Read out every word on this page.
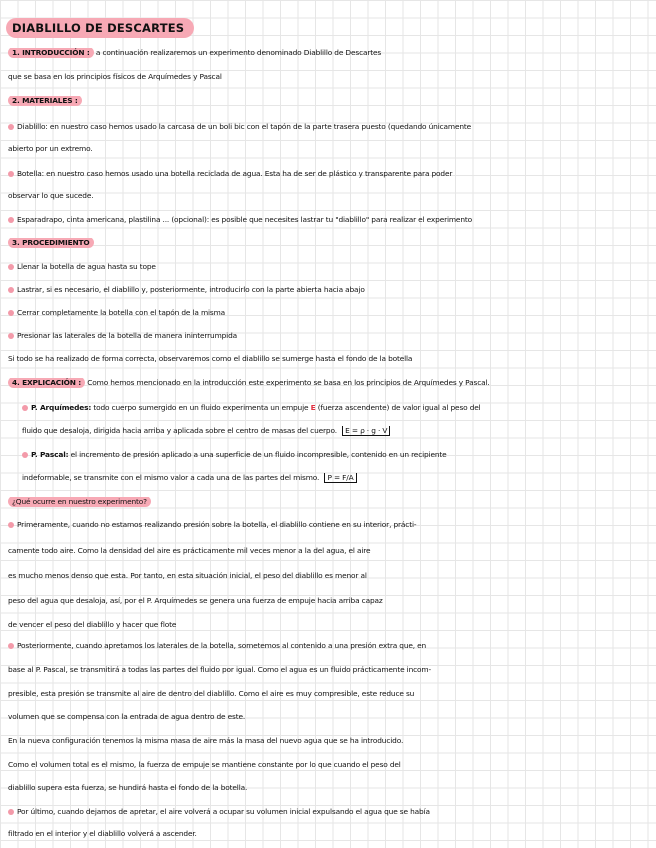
DIABLILLO DE DESCARTES
1. INTRODUCCIÓN : a continuación realizaremos un experimento denominado Diablillo de Descartes
que se basa en los principios físicos de Arquímedes y Pascal
2. MATERIALES :
Diablillo: en nuestro caso hemos usado la carcasa de un boli bic con el tapón de la parte trasera puesto (quedando únicamente
abierto por un extremo.
Botella: en nuestro caso hemos usado una botella reciclada de agua. Esta ha de ser de plástico y transparente para poder
observar lo que sucede.
Esparadrapo, cinta americana, plastilina ... (opcional): es posible que necesites lastrar tu "diablillo" para realizar el experimento
3. PROCEDIMIENTO
Llenar la botella de agua hasta su tope
Lastrar, si es necesario, el diablillo y, posteriormente, introducirlo con la parte abierta hacia abajo
Cerrar completamente la botella con el tapón de la misma
Presionar las laterales de la botella de manera ininterrumpida
Si todo se ha realizado de forma correcta, observaremos como el diablillo se sumerge hasta el fondo de la botella
4. EXPLICACIÓN : Como hemos mencionado en la introducción este experimento se basa en los principios de Arquímedes y Pascal.
P. Arquímedes: todo cuerpo sumergido en un fluido experimenta un empuje E (fuerza ascendente) de valor igual al peso del
fluido que desaloja, dirigida hacia arriba y aplicada sobre el centro de masas del cuerpo. E = ρ · g · V
P. Pascal: el incremento de presión aplicado a una superficie de un fluido incompresible, contenido en un recipiente
indeformable, se transmite con el mismo valor a cada una de las partes del mismo. P = F/A
¿Qué ocurre en nuestro experimento?
Primeramente, cuando no estamos realizando presión sobre la botella, el diablillo contiene en su interior, prácti-
camente todo aire. Como la densidad del aire es prácticamente mil veces menor a la del agua, el aire
es mucho menos denso que esta. Por tanto, en esta situación inicial, el peso del diablillo es menor al
peso del agua que desaloja, así, por el P. Arquímedes se genera una fuerza de empuje hacia arriba capaz
de vencer el peso del diablillo y hacer que flote
Posteriormente, cuando apretamos los laterales de la botella, sometemos al contenido a una presión extra que, en
base al P. Pascal, se transmitirá a todas las partes del fluido por igual. Como el agua es un fluido prácticamente incom-
presible, esta presión se transmite al aire de dentro del diablillo. Como el aire es muy compresible, este reduce su
volumen que se compensa con la entrada de agua dentro de este.
En la nueva configuración tenemos la misma masa de aire más la masa del nuevo agua que se ha introducido.
Como el volumen total es el mismo, la fuerza de empuje se mantiene constante por lo que cuando el peso del
diablillo supera esta fuerza, se hundirá hasta el fondo de la botella.
Por último, cuando dejamos de apretar, el aire volverá a ocupar su volumen inicial expulsando el agua que se había
filtrado en el interior y el diablillo volverá a ascender.
